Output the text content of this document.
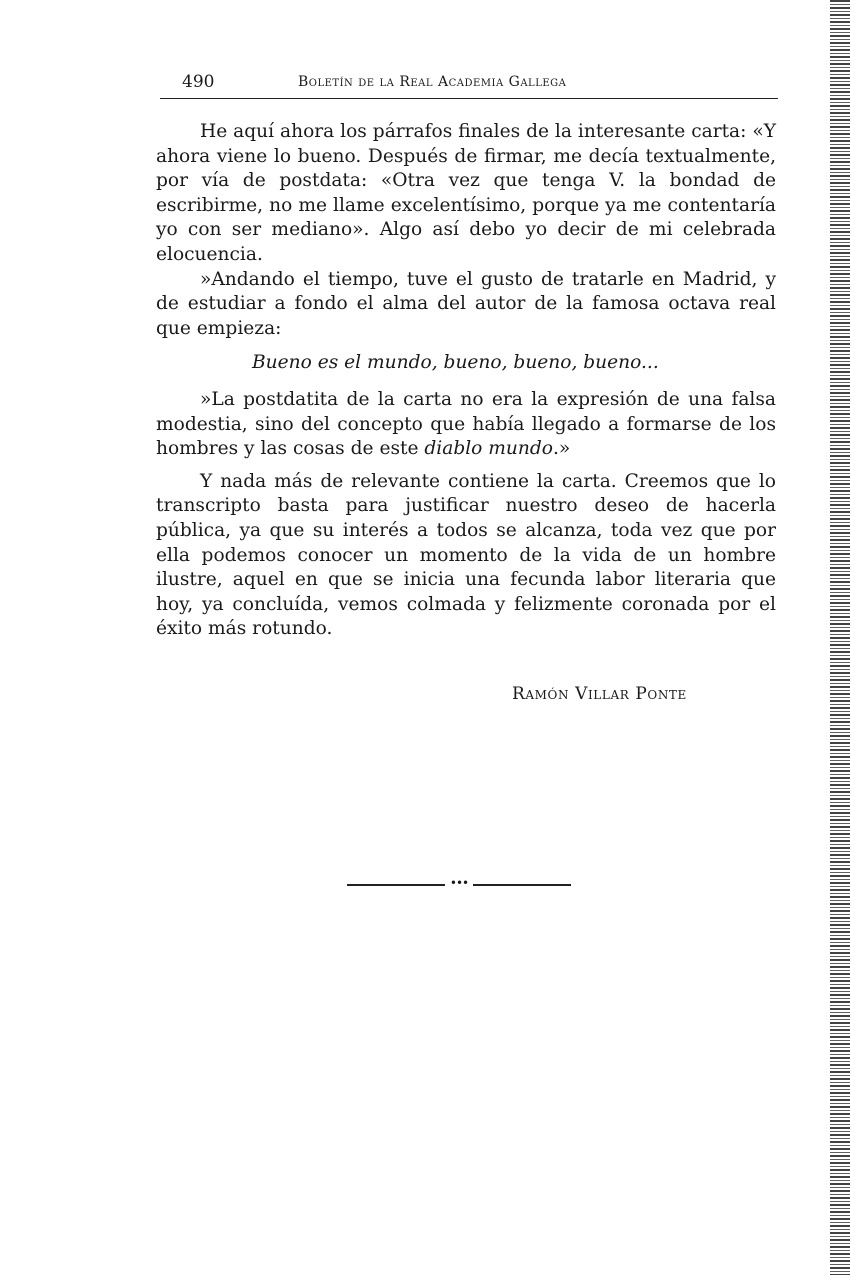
490	Boletín de la Real Academia Gallega

He aquí ahora los párrafos finales de la interesante carta: «Y ahora viene lo bueno. Después de firmar, me decía textualmente, por vía de postdata: «Otra vez que tenga V. la bondad de escribirme, no me llame excelentísimo, porque ya me contentaría yo con ser mediano». Algo así debo yo decir de mi celebrada elocuencia.

»Andando el tiempo, tuve el gusto de tratarle en Madrid, y de estudiar a fondo el alma del autor de la famosa octava real que empieza:

Bueno es el mundo, bueno, bueno, bueno...

»La postdatita de la carta no era la expresión de una falsa modestia, sino del concepto que había llegado a formarse de los hombres y las cosas de este diablo mundo.»

Y nada más de relevante contiene la carta. Creemos que lo transcripto basta para justificar nuestro deseo de hacerla pública, ya que su interés a todos se alcanza, toda vez que por ella podemos conocer un momento de la vida de un hombre ilustre, aquel en que se inicia una fecunda labor literaria que hoy, ya concluída, vemos colmada y felizmente coronada por el éxito más rotundo.

Ramón Villar Ponte
•••
